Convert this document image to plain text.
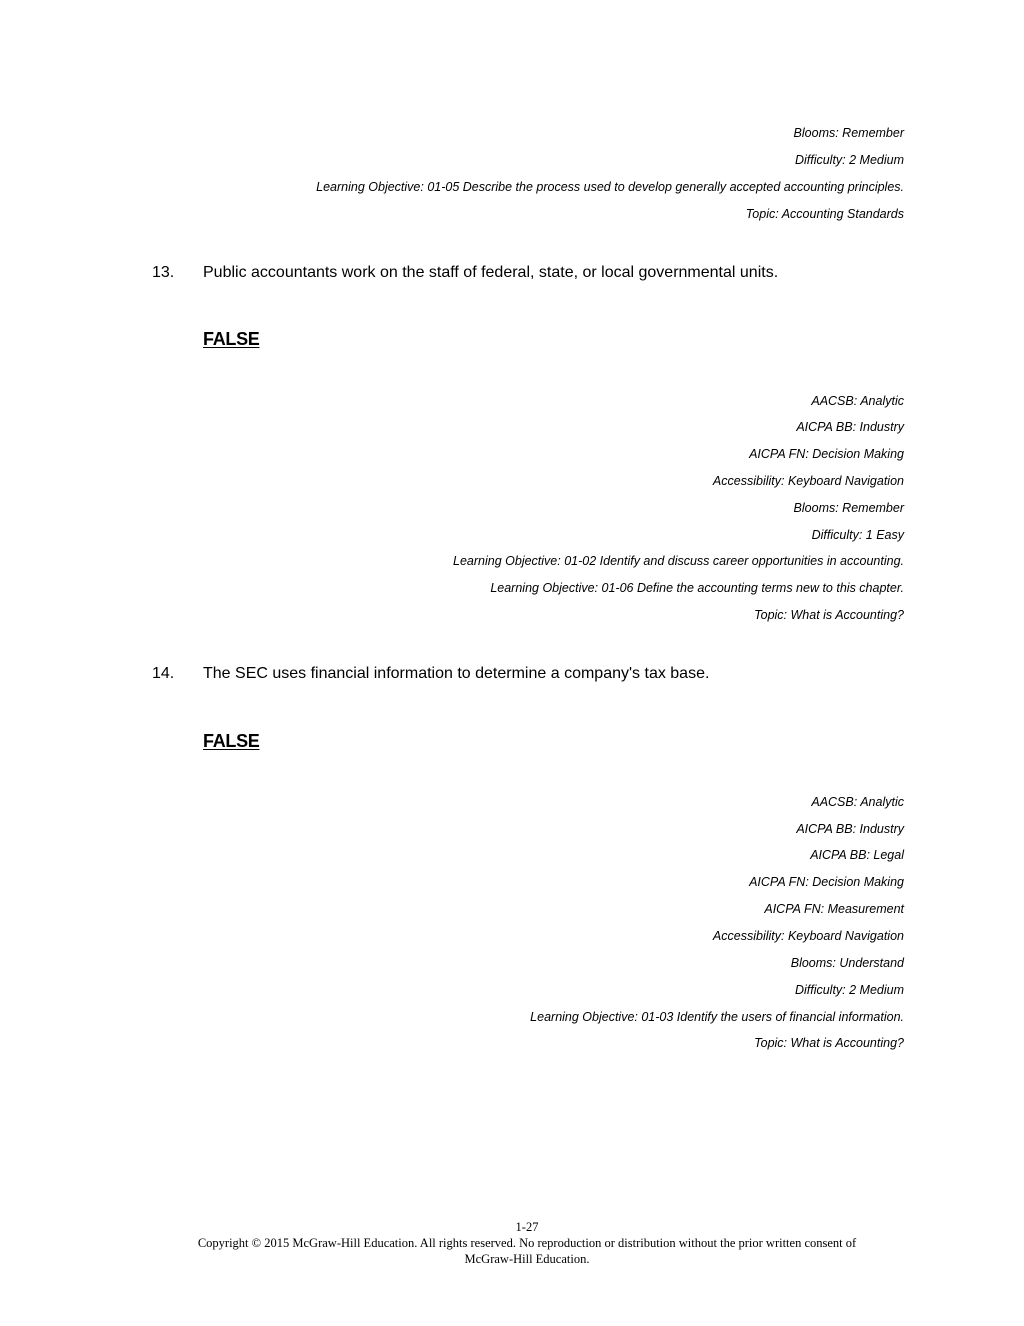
Blooms: Remember
Difficulty: 2 Medium
Learning Objective: 01-05 Describe the process used to develop generally accepted accounting principles.
Topic: Accounting Standards
13. Public accountants work on the staff of federal, state, or local governmental units.
FALSE
AACSB: Analytic
AICPA BB: Industry
AICPA FN: Decision Making
Accessibility: Keyboard Navigation
Blooms: Remember
Difficulty: 1 Easy
Learning Objective: 01-02 Identify and discuss career opportunities in accounting.
Learning Objective: 01-06 Define the accounting terms new to this chapter.
Topic: What is Accounting?
14. The SEC uses financial information to determine a company's tax base.
FALSE
AACSB: Analytic
AICPA BB: Industry
AICPA BB: Legal
AICPA FN: Decision Making
AICPA FN: Measurement
Accessibility: Keyboard Navigation
Blooms: Understand
Difficulty: 2 Medium
Learning Objective: 01-03 Identify the users of financial information.
Topic: What is Accounting?
1-27
Copyright © 2015 McGraw-Hill Education. All rights reserved. No reproduction or distribution without the prior written consent of
McGraw-Hill Education.
